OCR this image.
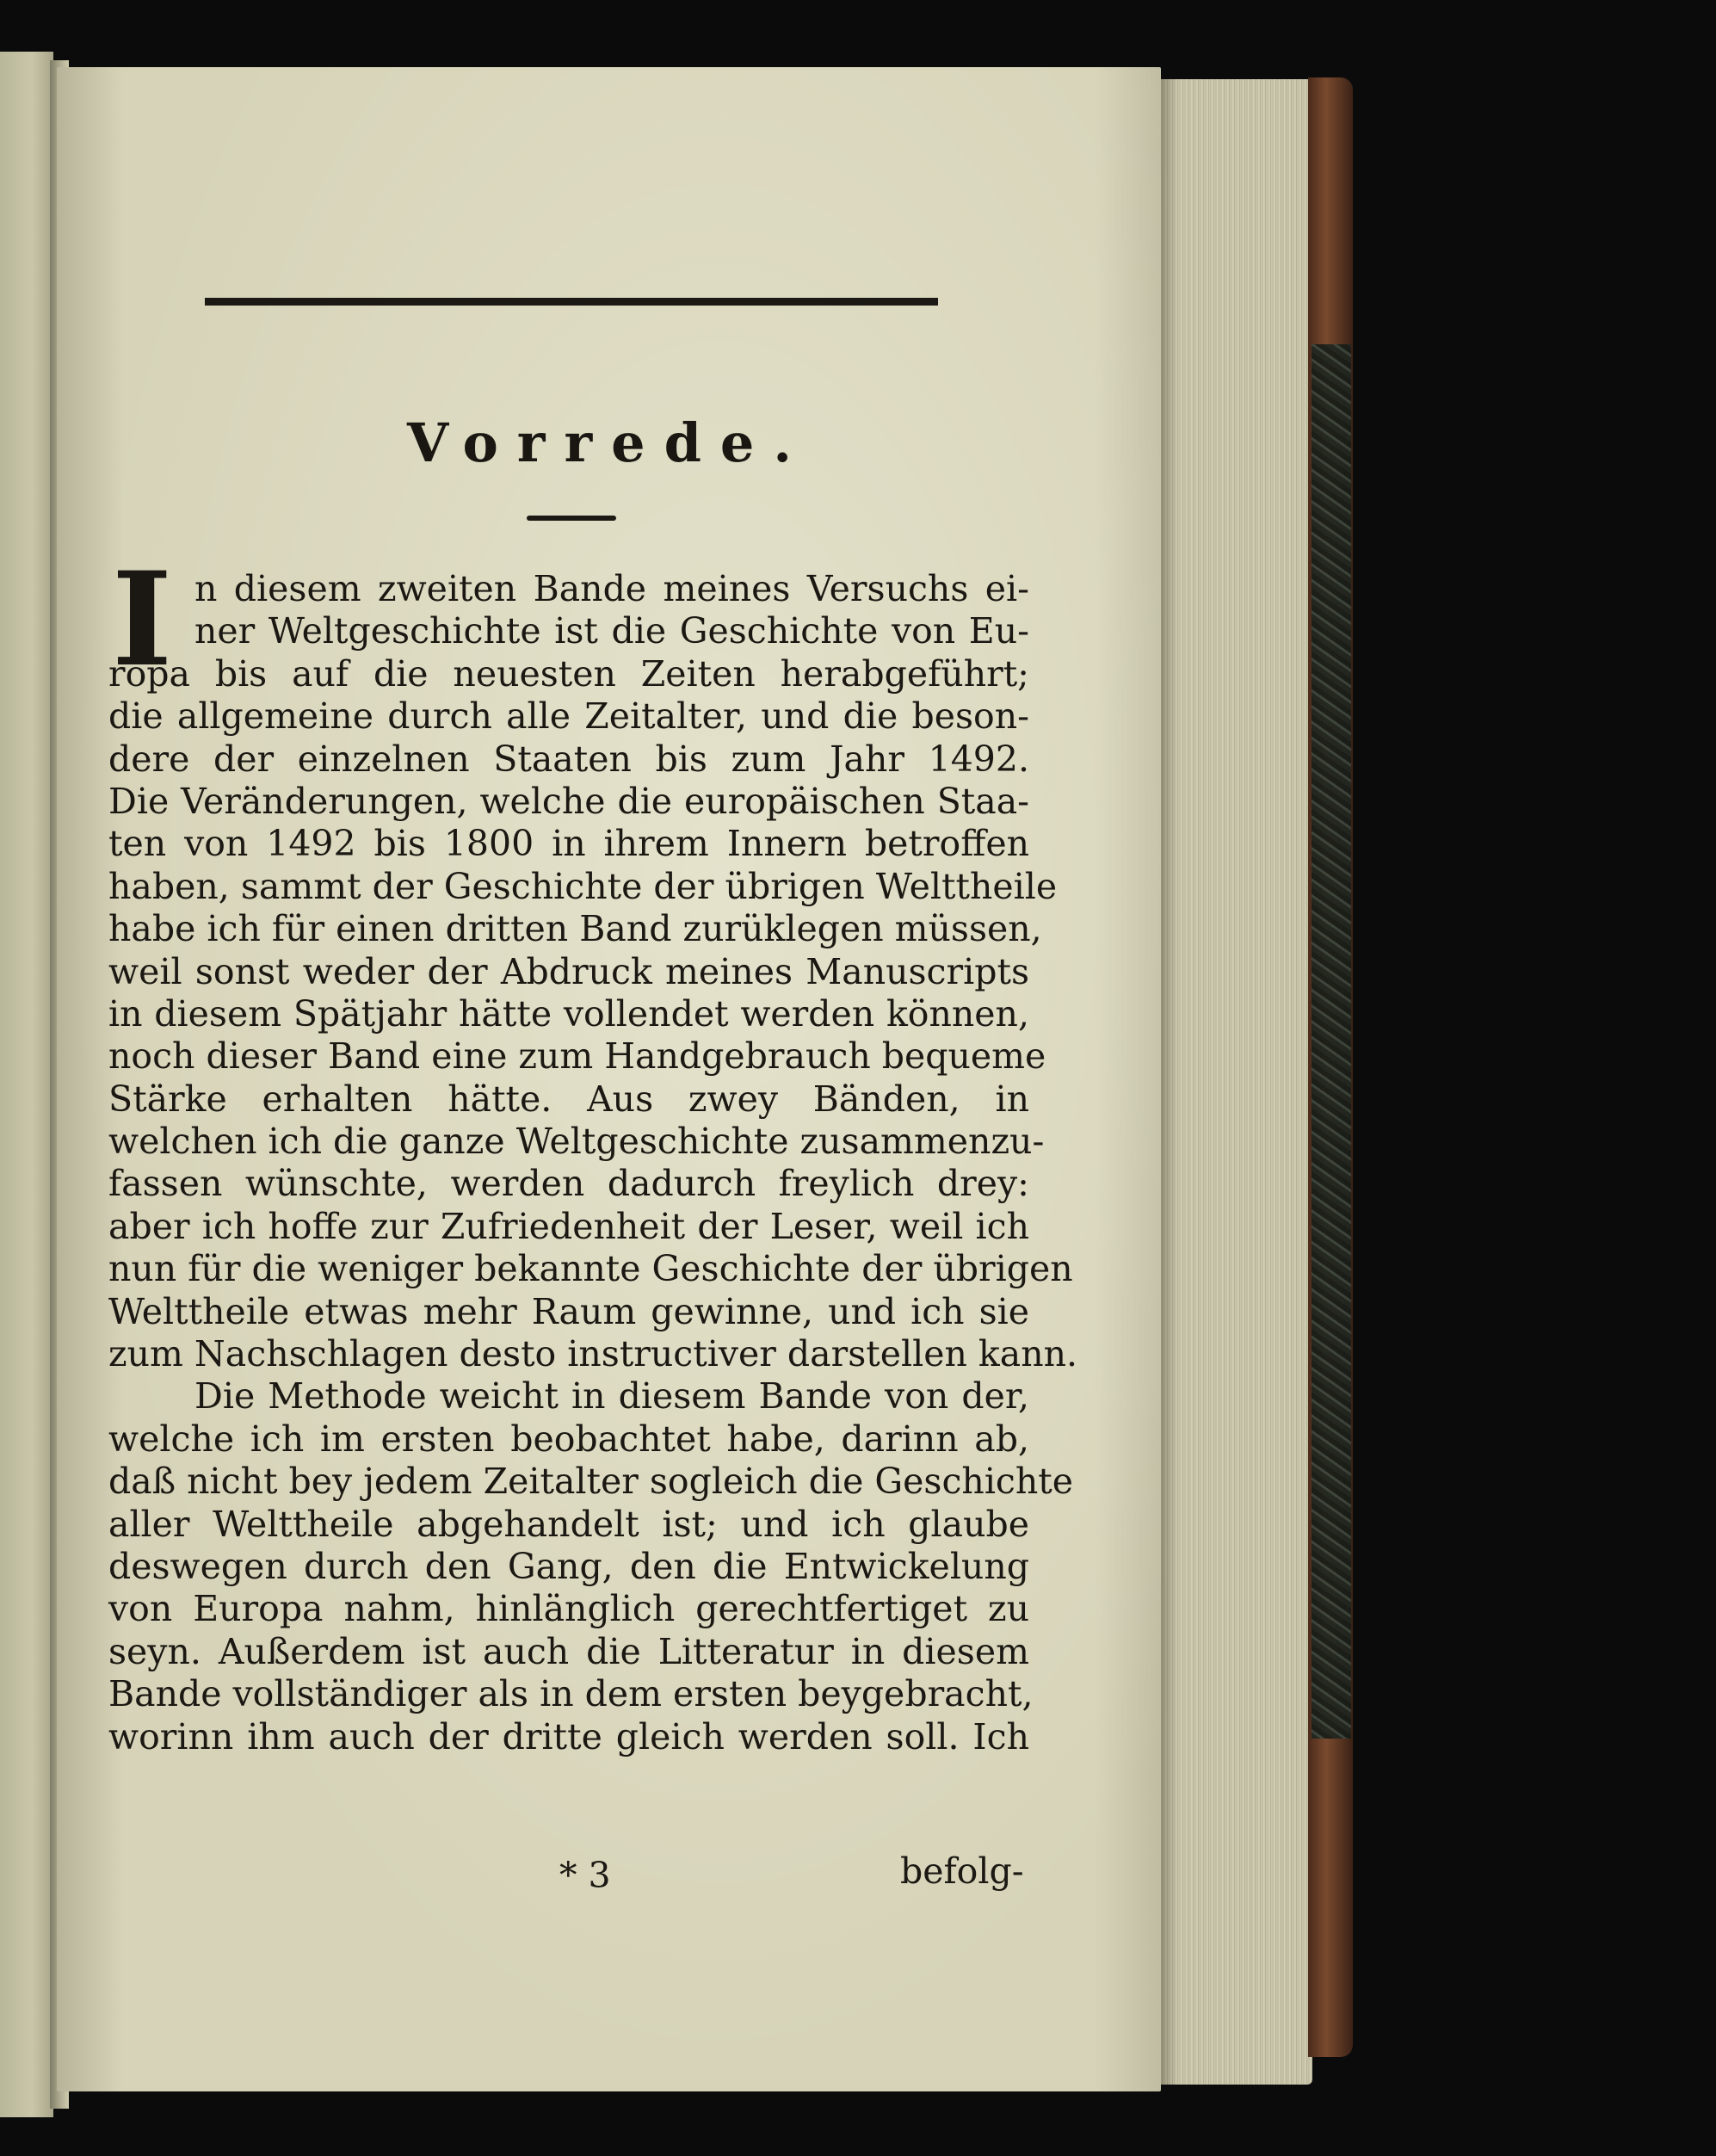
Vorrede.
I n diesem zweiten Bande meines Versuchs ei-
ner Weltgeschichte ist die Geschichte von Eu-
ropa bis auf die neuesten Zeiten herabgeführt;
die allgemeine durch alle Zeitalter, und die beson-
dere der einzelnen Staaten bis zum Jahr 1492.
Die Veränderungen, welche die europäischen Staa-
ten von 1492 bis 1800 in ihrem Innern betroffen
haben, sammt der Geschichte der übrigen Welttheile
habe ich für einen dritten Band zurüklegen müssen,
weil sonst weder der Abdruck meines Manuscripts
in diesem Spätjahr hätte vollendet werden können,
noch dieser Band eine zum Handgebrauch bequeme
Stärke erhalten hätte. Aus zwey Bänden, in
welchen ich die ganze Weltgeschichte zusammenzu-
fassen wünschte, werden dadurch freylich drey:
aber ich hoffe zur Zufriedenheit der Leser, weil ich
nun für die weniger bekannte Geschichte der übrigen
Welttheile etwas mehr Raum gewinne, und ich sie
zum Nachschlagen desto instructiver darstellen kann.
Die Methode weicht in diesem Bande von der,
welche ich im ersten beobachtet habe, darinn ab,
daß nicht bey jedem Zeitalter sogleich die Geschichte
aller Welttheile abgehandelt ist; und ich glaube
deswegen durch den Gang, den die Entwickelung
von Europa nahm, hinlänglich gerechtfertiget zu
seyn. Außerdem ist auch die Litteratur in diesem
Bande vollständiger als in dem ersten beygebracht,
worinn ihm auch der dritte gleich werden soll. Ich
* 3	befolg-
